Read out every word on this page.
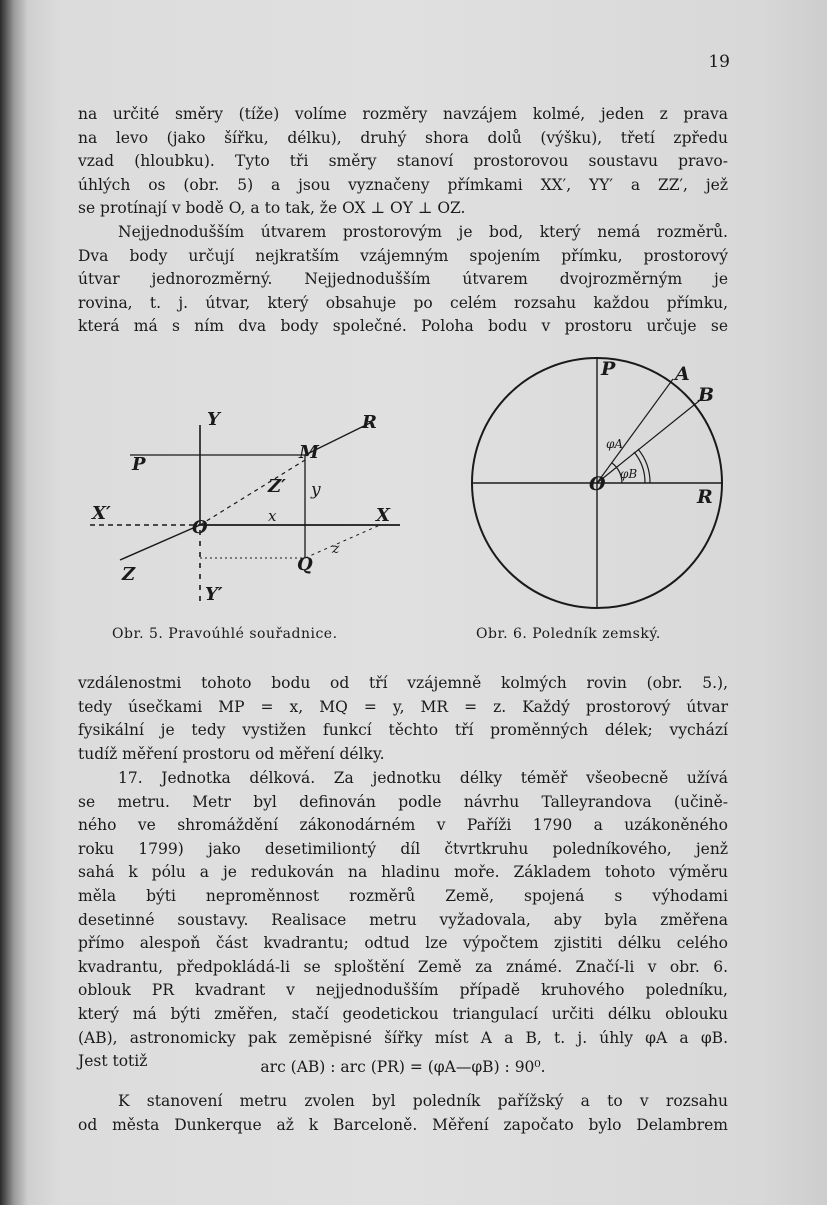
19
na určité směry (tíže) volíme rozměry navzájem kolmé, jeden z prava
na levo (jako šířku, délku), druhý shora dolů (výšku), třetí zpředu
vzad (hloubku). Tyto tři směry stanoví prostorovou soustavu pravo-
úhlých os (obr. 5) a jsou vyznačeny přímkami XX′, YY′ a ZZ′, jež
se protínají v bodě O, a to tak, že OX ⊥ OY ⊥ OZ.
Nejjednodušším útvarem prostorovým je bod, který nemá rozměrů.
Dva body určují nejkratším vzájemným spojením přímku, prostorový
útvar jednorozměrný. Nejjednodušším útvarem dvojrozměrným je
rovina, t. j. útvar, který obsahuje po celém rozsahu každou přímku,
která má s ním dva body společné. Poloha bodu v prostoru určuje se
Y	R
P
M
Z′ y
X′	x	X
O
Z	Q
z
Y′
P	A
B
φA
φB
O
R
Obr. 5. Pravoúhlé souřadnice.	Obr. 6. Poledník zemský.
vzdálenostmi tohoto bodu od tří vzájemně kolmých rovin (obr. 5.),
tedy úsečkami MP = x, MQ = y, MR = z. Každý prostorový útvar
fysikální je tedy vystižen funkcí těchto tří proměnných délek; vychází
tudíž měření prostoru od měření délky.
17. Jednotka délková. Za jednotku délky téměř všeobecně užívá
se metru. Metr byl definován podle návrhu Talleyrandova (učině-
ného ve shromáždění zákonodárném v Paříži 1790 a uzákoněného
roku 1799) jako desetimiliontý díl čtvrtkruhu poledníkového, jenž
sahá k pólu a je redukován na hladinu moře. Základem tohoto výměru
měla býti neproměnnost rozměrů Země, spojená s výhodami
desetinné soustavy. Realisace metru vyžadovala, aby byla změřena
přímo alespoň část kvadrantu; odtud lze výpočtem zjistiti délku celého
kvadrantu, předpokládá-li se sploštění Země za známé. Značí-li v obr. 6.
oblouk PR kvadrant v nejjednodušším případě kruhového poledníku,
který má býti změřen, stačí geodetickou triangulací určiti délku oblouku
(AB), astronomicky pak zeměpisné šířky míst A a B, t. j. úhly φA a φB.
Jest totiž	arc (AB) : arc (PR) = (φA—φB) : 90⁰.
K stanovení metru zvolen byl poledník pařížský a to v rozsahu
od města Dunkerque až k Barceloně. Měření započato bylo Delambrem
